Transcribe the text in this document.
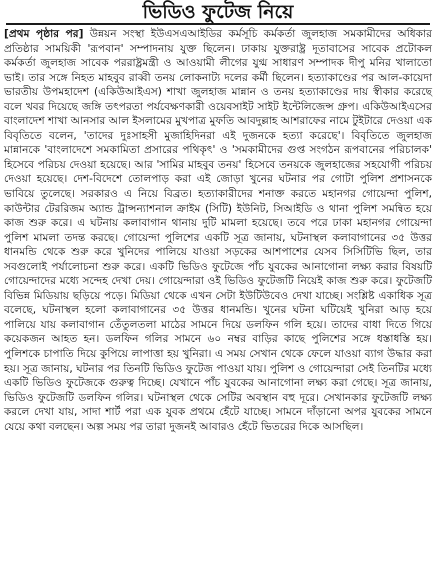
ভিডিও ফুটেজ নিয়ে

[প্রথম পৃষ্ঠার পর] উন্নয়ন সংস্থা ইউএসএআইডির কর্মসূচি কর্মকর্তা জুলহাজ সমকামীদের অধিকার প্রতিষ্ঠার সাময়িকী 'রূপবান' সম্পাদনায় যুক্ত ছিলেন। ঢাকায় যুক্তরাষ্ট্র দূতাবাসের সাবেক প্রটোকল কর্মকর্তা জুলহাজ সাবেক পররাষ্ট্রমন্ত্রী ও আওয়ামী লীগের যুগ্ম সাধারণ সম্পাদক দীপু মনির খালাতো ভাই। তার সঙ্গে নিহত মাহবুব রাব্বী তনয় লোকনাট্য দলের কর্মী ছিলেন। হত্যাকাণ্ডের পর আল-কায়েদা ভারতীয় উপমহাদেশ (একিউআইএস) শাখা জুলহাজ মান্নান ও তনয় হত্যাকাণ্ডের দায় স্বীকার করেছে বলে খবর দিয়েছে জঙ্গি তৎপরতা পর্যবেক্ষণকারী ওয়েবসাইট সাইট ইন্টেলিজেন্স গ্রুপ। একিউআইএসের বাংলাদেশ শাখা আনসার আল ইসলামের মুখপাত্র মুফতি আবদুল্লাহ আশরাফের নামে টুইটারে দেওয়া এক বিবৃতিতে বলেন, 'তাদের দুঃসাহসী মুজাহিদিনরা এই দুজনকে হত্যা করেছে'। বিবৃতিতে জুলহাজ মান্নানকে 'বাংলাদেশে সমকামিতা প্রসারের পথিকৃৎ' ও 'সমকামীদের গুপ্ত সংগঠন রূপবানের পরিচালক' হিসেবে পরিচয় দেওয়া হয়েছে। আর 'সামির মাহবুব তনয়' হিসেবে তনয়কে জুলহাজের সহযোগী পরিচয় দেওয়া হয়েছে। দেশ-বিদেশে তোলপাড় করা এই জোড়া খুনের ঘটনার পর গোটা পুলিশ প্রশাসনকে ভাবিয়ে তুলেছে। সরকারও এ নিয়ে বিব্রত। হত্যাকারীদের শনাক্ত করতে মহানগর গোয়েন্দা পুলিশ, কাউন্টার টেররিজম অ্যান্ড ট্রান্সন্যাশনাল ক্রাইম (সিটি) ইউনিট, সিআইডি ও থানা পুলিশ সমন্বিত হয়ে কাজ শুরু করে। এ ঘটনায় কলাবাগান থানায় দুটি মামলা হয়েছে। তবে পরে ঢাকা মহানগর গোয়েন্দা পুলিশ মামলা তদন্ত করছে। গোয়েন্দা পুলিশের একটি সূত্র জানায়, ঘটনাস্থল কলাবাগানের ৩৫ উত্তর ধানমন্ডি থেকে শুরু করে খুনিদের পালিয়ে যাওয়া সড়কের আশপাশের যেসব সিসিটিভি ছিল, তার সবগুলোই পর্যালোচনা শুরু করে। একটি ভিডিও ফুটেজে পাঁচ যুবকের আনাগোনা লক্ষ্য করার বিষয়টি গোয়েন্দাদের মধ্যে সন্দেহ দেখা দেয়। গোয়েন্দারা ওই ভিডিও ফুটেজটি নিয়েই কাজ শুরু করে। ফুটেজটি বিভিন্ন মিডিয়ায় ছড়িয়ে পড়ে। মিডিয়া থেকে এখন সেটা ইউটিউবেও দেখা যাচ্ছে। সংশ্লিষ্ট একাধিক সূত্র বলেছে, ঘটনাস্থল হলো কলাবাগানের ৩৫ উত্তর ধানমন্ডি। খুনের ঘটনা ঘটিয়েই খুনিরা আড় হয়ে পালিয়ে যায় কলাবাগান তেঁতুলতলা মাঠের সামনে দিয়ে ডলফিন গলি হয়ে। তাদের বাধা দিতে গিয়ে কয়েকজন আহত হন। ডলফিন গলির সামনে ৬০ নম্বর বাড়ির কাছে পুলিশের সঙ্গে ধস্তাধস্তি হয়। পুলিশকে চাপাতি দিয়ে কুপিয়ে লাপাত্তা হয় খুনিরা। এ সময় সেখান থেকে ফেলে যাওয়া ব্যাগ উদ্ধার করা হয়। সূত্র জানায়, ঘটনার পর তিনটি ভিডিও ফুটেজ পাওয়া যায়। পুলিশ ও গোয়েন্দারা সেই তিনটির মধ্যে একটি ভিডিও ফুটেজকে গুরুত্ব দিচ্ছে। যেখানে পাঁচ যুবকের আনাগোনা লক্ষ্য করা গেছে। সূত্র জানায়, ভিডিও ফুটেজটি ডলফিন গলির। ঘটনাস্থল থেকে সেটির অবস্থান বহু দূরে। সেখানকার ফুটেজটি লক্ষ্য করলে দেখা যায়, সাদা শার্ট পরা এক যুবক প্রথমে হেঁটে যাচ্ছে। সামনে দাঁড়ানো অপর যুবকের সামনে যেয়ে কথা বলছেন। অল্প সময় পর তারা দুজনই আবারও হেঁটে ভিতরের দিকে আসছিল।
